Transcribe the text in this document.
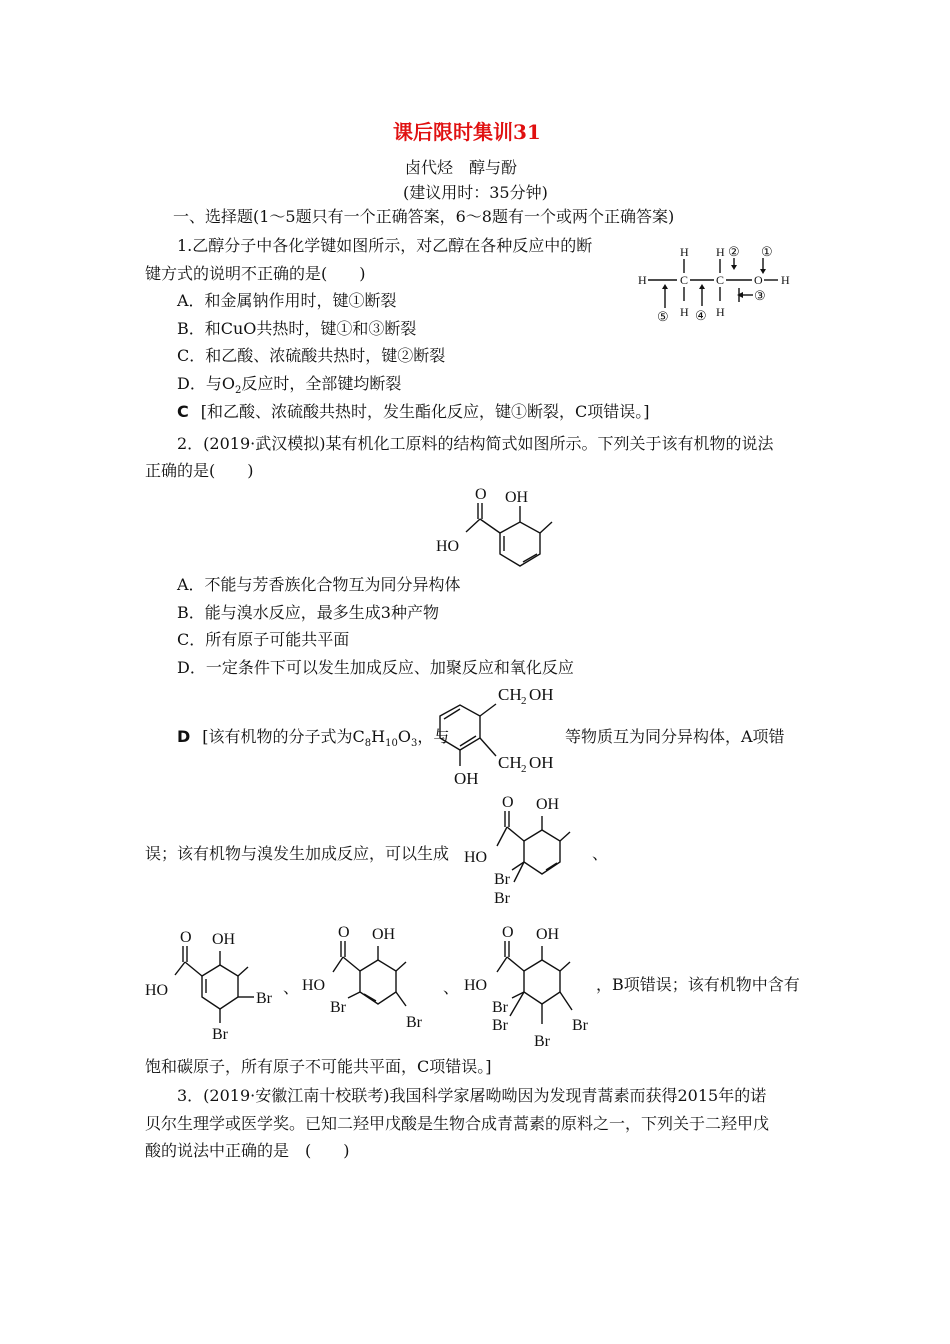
课后限时集训31
卤代烃　醇与酚
(建议用时：35分钟)
一、选择题(1～5题只有一个正确答案，6～8题有一个或两个正确答案)
1.乙醇分子中各化学键如图所示，对乙醇在各种反应中的断
键方式的说明不正确的是(　　)
A．和金属钠作用时，键①断裂
B．和CuO共热时，键①和③断裂
C．和乙酸、浓硫酸共热时，键②断裂
D．与$O_2$反应时，全部键均断裂
C [和乙酸、浓硫酸共热时，发生酯化反应，键①断裂，C项错误。]
H H ② ①
H	C C O H
H H
⑤ ④
③
2．(2019·武汉模拟)某有机化工原料的结构简式如图所示。下列关于该有机物的说法
正确的是(　　)
O
HO
OH
A．不能与芳香族化合物互为同分异构体
B．能与溴水反应，最多生成3种产物
C．所有原子可能共平面
D．一定条件下可以发生加成反应、加聚反应和氧化反应
D [该有机物的分子式为$C_8H_{10}O_3$，与
CH 2 OH
CH 2 OH
OH
等物质互为同分异构体，A项错
误；该有机物与溴发生加成反应，可以生成
O
HO
OH
Br
Br
、
O
HO
OH
Br
Br
、
O
HO
OH
Br
Br
、
O
HO
OH
Br
Br	Br
Br
，B项错误；该有机物中含有
饱和碳原子，所有原子不可能共平面，C项错误。]
3．(2019·安徽江南十校联考)我国科学家屠呦呦因为发现青蒿素而获得2015年的诺
贝尔生理学或医学奖。已知二羟甲戊酸是生物合成青蒿素的原料之一，下列关于二羟甲戊
酸的说法中正确的是　(　　)
